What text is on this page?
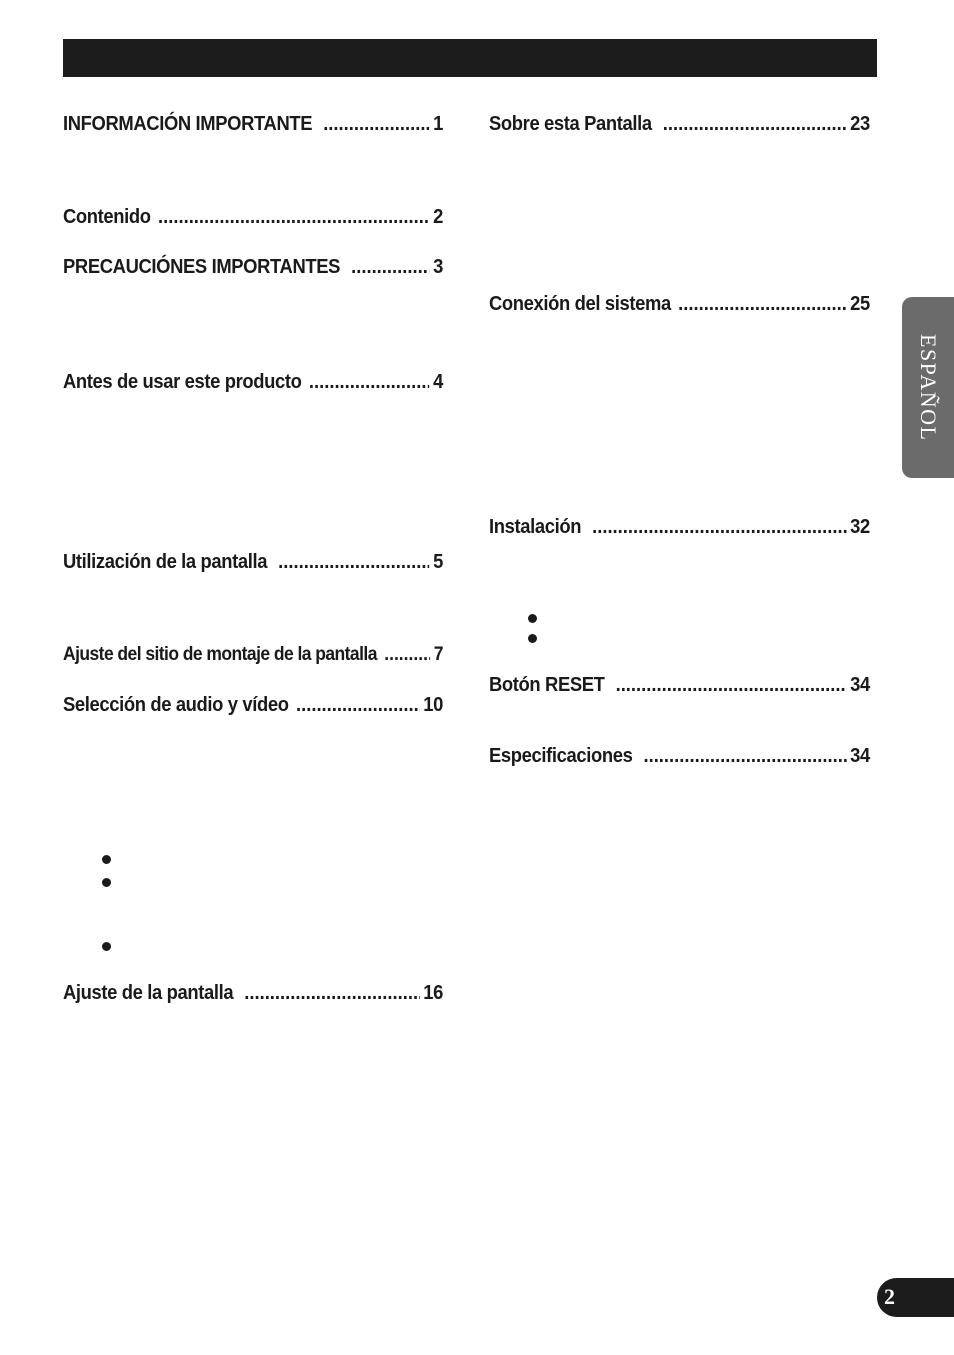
INFORMACIÓN IMPORTANTE .....	1
Contenido .....	2
PRECAUCIÓNES IMPORTANTES .....	3
Antes de usar este producto .....	4
Utilización de la pantalla .....	5
Ajuste del sitio de montaje de la pantalla .....	7
Selección de audio y vídeo .....	10
Ajuste de la pantalla .....	16
Sobre esta Pantalla .....	23
Conexión del sistema .....	25
Instalación .....	32
Botón RESET .....	34
Especificaciones .....	34
ESPAÑOL
2
